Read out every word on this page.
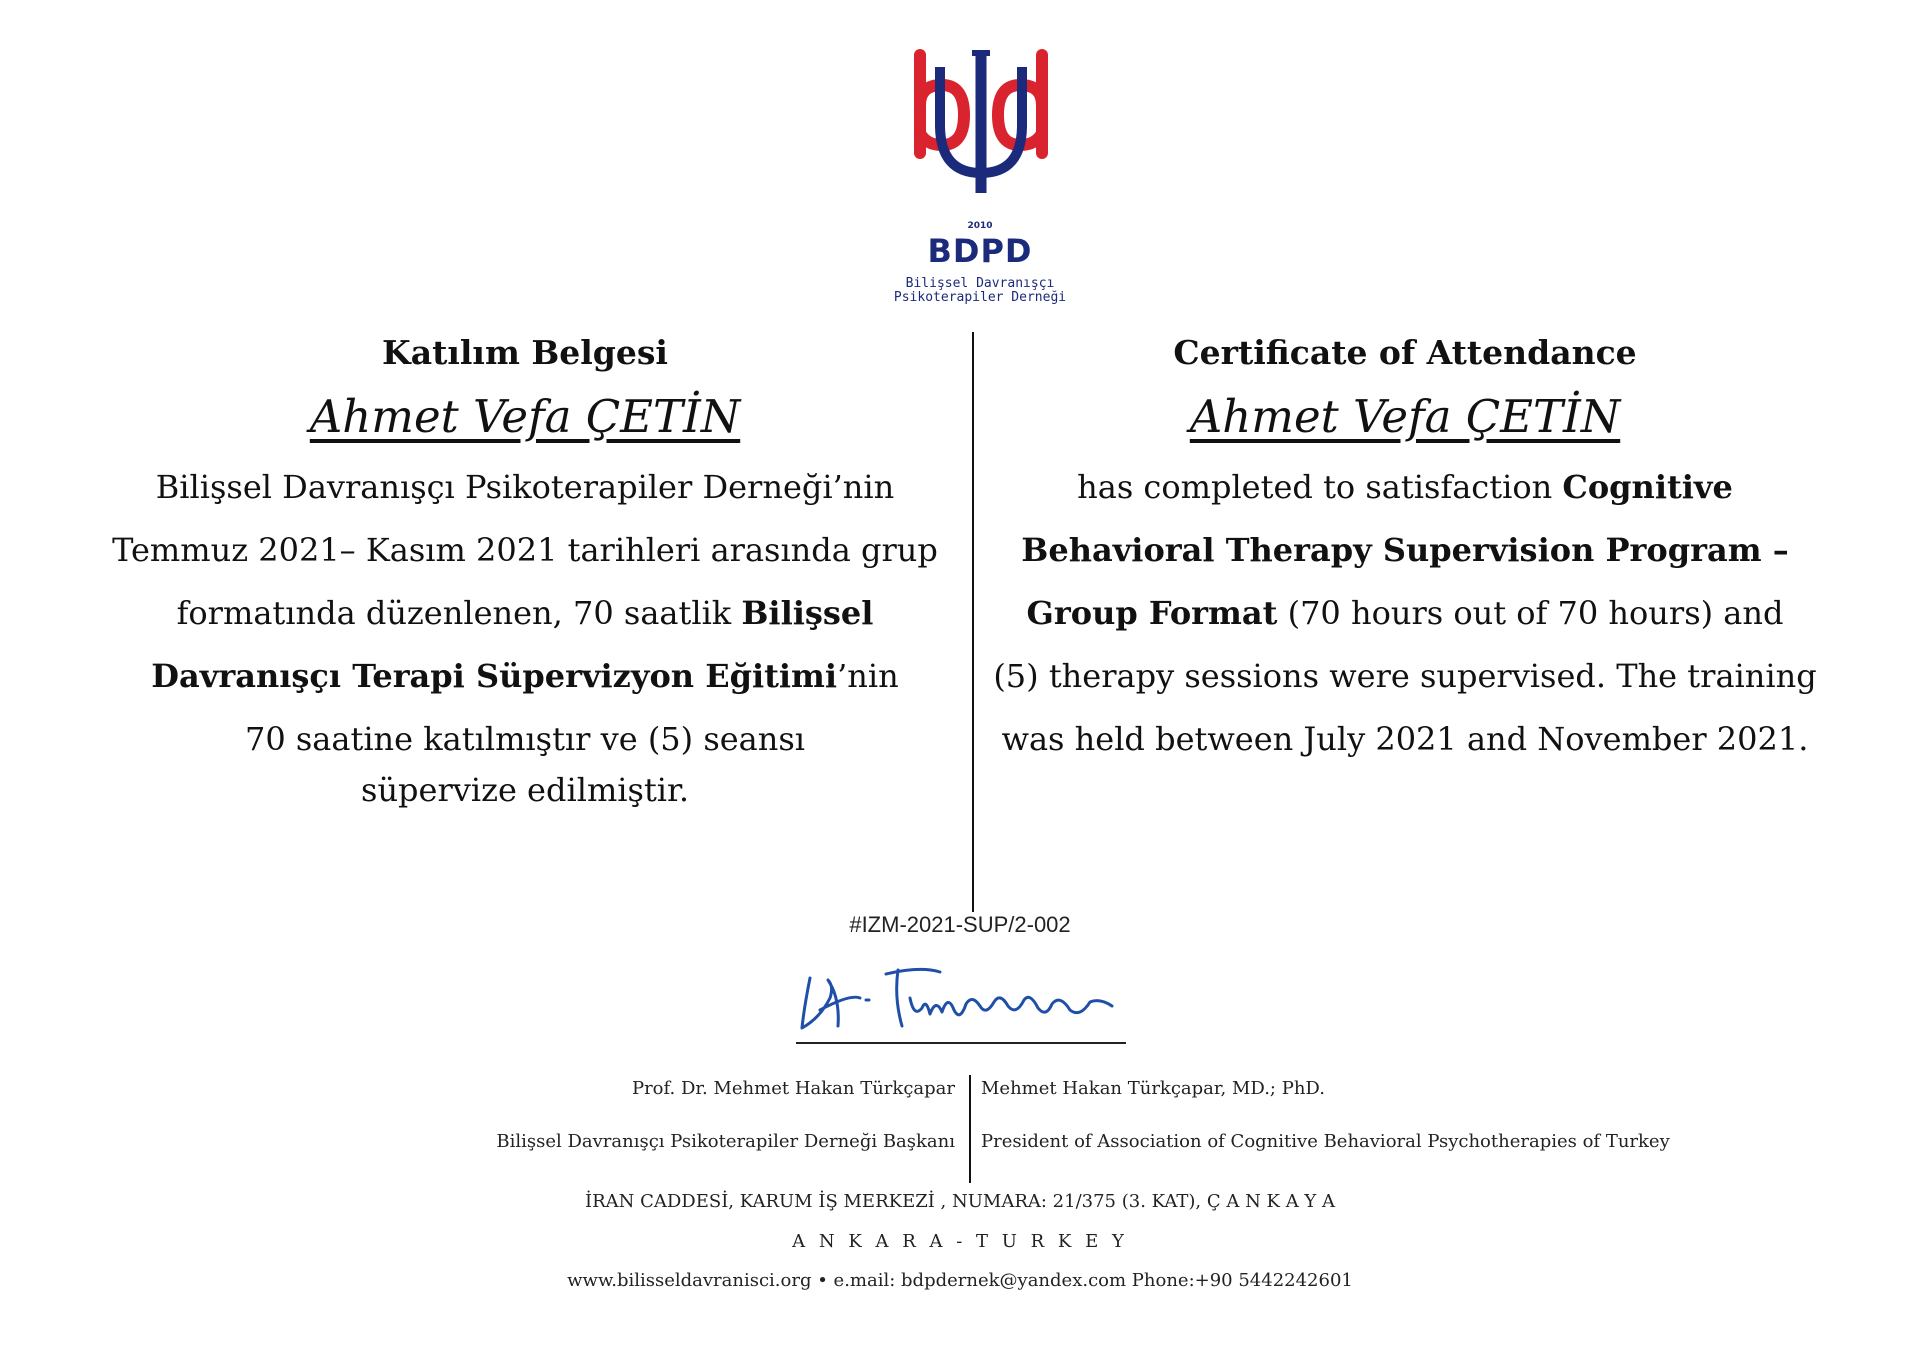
2010
BDPD
Bilişsel Davranışçı
Psikoterapiler Derneği

Katılım Belgesi

Ahmet Vefa ÇETİN

Bilişsel Davranışçı Psikoterapiler Derneği’nin
Temmuz 2021– Kasım 2021 tarihleri arasında grup
formatında düzenlenen, 70 saatlik Bilişsel
Davranışçı Terapi Süpervizyon Eğitimi’nin
70 saatine katılmıştır ve (5) seansı
süpervize edilmiştir.

Certificate of Attendance

Ahmet Vefa ÇETİN

has completed to satisfaction Cognitive
Behavioral Therapy Supervision Program –
Group Format (70 hours out of 70 hours) and
(5) therapy sessions were supervised. The training
was held between July 2021 and November 2021.
#IZM-2021-SUP/2-002
Prof. Dr. Mehmet Hakan Türkçapar
Bilişsel Davranışçı Psikoterapiler Derneği Başkanı
Mehmet Hakan Türkçapar, MD.; PhD.
President of Association of Cognitive Behavioral Psychotherapies of Turkey
İRAN CADDESİ, KARUM İŞ MERKEZİ , NUMARA: 21/375 (3. KAT), Ç A N K A Y A
A N K A R A - T U R K E Y
www.bilisseldavranisci.org • e.mail: bdpdernek@yandex.com Phone:+90 5442242601
